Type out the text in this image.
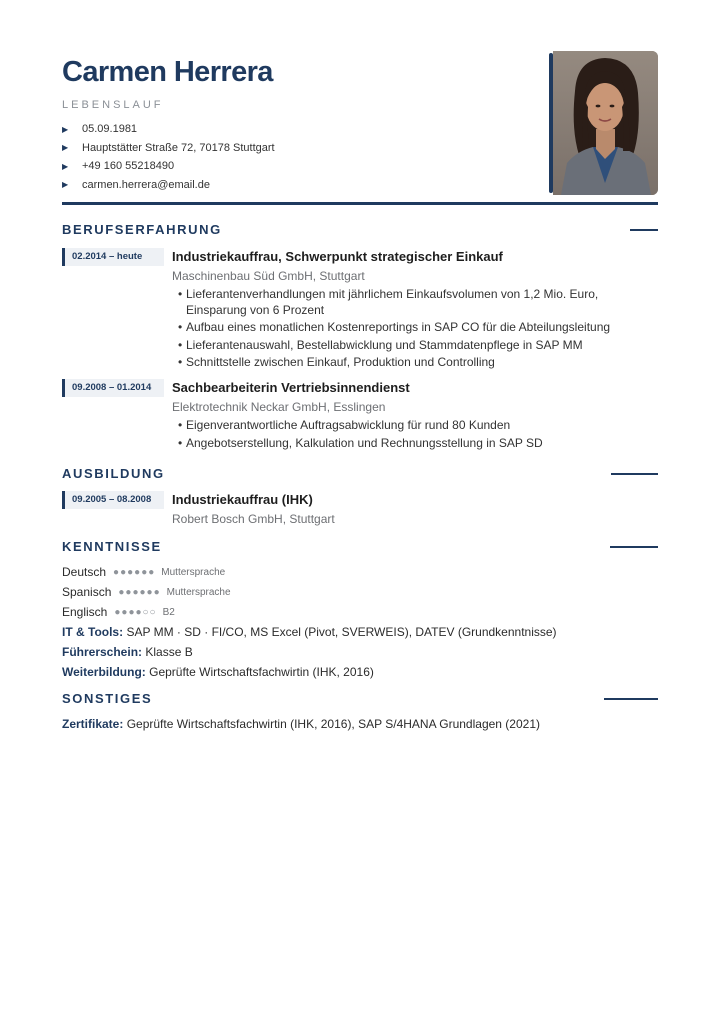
Carmen Herrera
LEBENSLAUF
▶	05.09.1981
▶	Hauptstätter Straße 72, 70178 Stuttgart
▶	+49 160 55218490
▶	carmen.herrera@email.de
BERUFSERFAHRUNG
02.2014 – heute	Industriekauffrau, Schwerpunkt strategischer Einkauf
Maschinenbau Süd GmbH, Stuttgart
• Lieferantenverhandlungen mit jährlichem Einkaufsvolumen von 1,2 Mio. Euro, Einsparung von 6 Prozent
• Aufbau eines monatlichen Kostenreportings in SAP CO für die Abteilungsleitung
• Lieferantenauswahl, Bestellabwicklung und Stammdatenpflege in SAP MM
• Schnittstelle zwischen Einkauf, Produktion und Controlling
09.2008 – 01.2014	Sachbearbeiterin Vertriebsinnendienst
Elektrotechnik Neckar GmbH, Esslingen
• Eigenverantwortliche Auftragsabwicklung für rund 80 Kunden
• Angebotserstellung, Kalkulation und Rechnungsstellung in SAP SD
AUSBILDUNG
09.2005 – 08.2008	Industriekauffrau (IHK)
Robert Bosch GmbH, Stuttgart
KENNTNISSE
Deutsch ●●●●●● Muttersprache
Spanisch ●●●●●● Muttersprache
Englisch ●●●●○○ B2
IT & Tools: SAP MM · SD · FI/CO, MS Excel (Pivot, SVERWEIS), DATEV (Grundkenntnisse)
Führerschein: Klasse B
Weiterbildung: Geprüfte Wirtschaftsfachwirtin (IHK, 2016)
SONSTIGES
Zertifikate: Geprüfte Wirtschaftsfachwirtin (IHK, 2016), SAP S/4HANA Grundlagen (2021)
